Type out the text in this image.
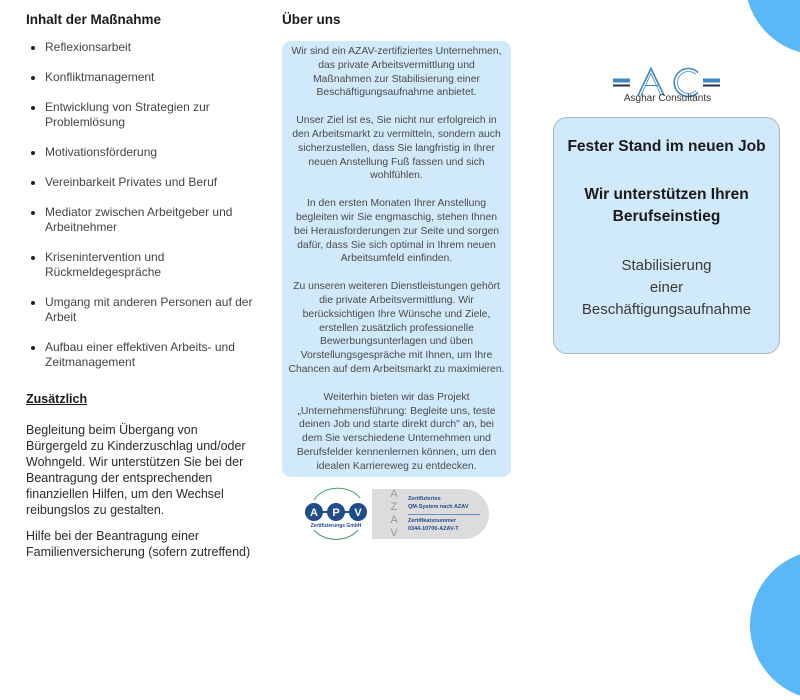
Inhalt der Maßnahme
Reflexionsarbeit
Konfliktmanagement
Entwicklung von Strategien zur Problemlösung
Motivationsförderung
Vereinbarkeit Privates und Beruf
Mediator zwischen Arbeitgeber und Arbeitnehmer
Krisenintervention und Rückmeldegespräche
Umgang mit anderen Personen auf der Arbeit
Aufbau einer effektiven Arbeits- und Zeitmanagement
Zusätzlich
Begleitung beim Übergang von Bürgergeld zu Kinderzuschlag und/oder Wohngeld. Wir unterstützen Sie bei der Beantragung der entsprechenden finanziellen Hilfen, um den Wechsel reibungslos zu gestalten.
Hilfe bei der Beantragung einer Familienversicherung (sofern zutreffend)
Über uns

Wir sind ein AZAV-zertifiziertes Unternehmen, das private Arbeitsvermittlung und Maßnahmen zur Stabilisierung einer Beschäftigungsaufnahme anbietet.

Unser Ziel ist es, Sie nicht nur erfolgreich in den Arbeitsmarkt zu vermitteln, sondern auch sicherzustellen, dass Sie langfristig in Ihrer neuen Anstellung Fuß fassen und sich wohlfühlen.

In den ersten Monaten Ihrer Anstellung begleiten wir Sie engmaschig, stehen Ihnen bei Herausforderungen zur Seite und sorgen dafür, dass Sie sich optimal in Ihrem neuen Arbeitsumfeld einfinden.

Zu unseren weiteren Dienstleistungen gehört die private Arbeitsvermittlung. Wir berücksichtigen Ihre Wünsche und Ziele, erstellen zusätzlich professionelle Bewerbungsunterlagen und üben Vorstellungsgespräche mit Ihnen, um Ihre Chancen auf dem Arbeitsmarkt zu maximieren.

Weiterhin bieten wir das Projekt „Unternehmensführung: Begleite uns, teste deinen Job und starte direkt durch" an, bei dem Sie verschiedene Unternehmen und Berufsfelder kennenlernen können, um den idealen Karriereweg zu entdecken.

A P V
Zertifizierungs GmbH
A
Z
A
V
Zertifiziertes
QM-System nach AZAV
Zertifikatsnummer
0344-10700-AZAV-T
Asghar Consultants
Fester Stand im neuen Job
Wir unterstützen Ihren
Berufseinstieg
Stabilisierung
einer
Beschäftigungsaufnahme
